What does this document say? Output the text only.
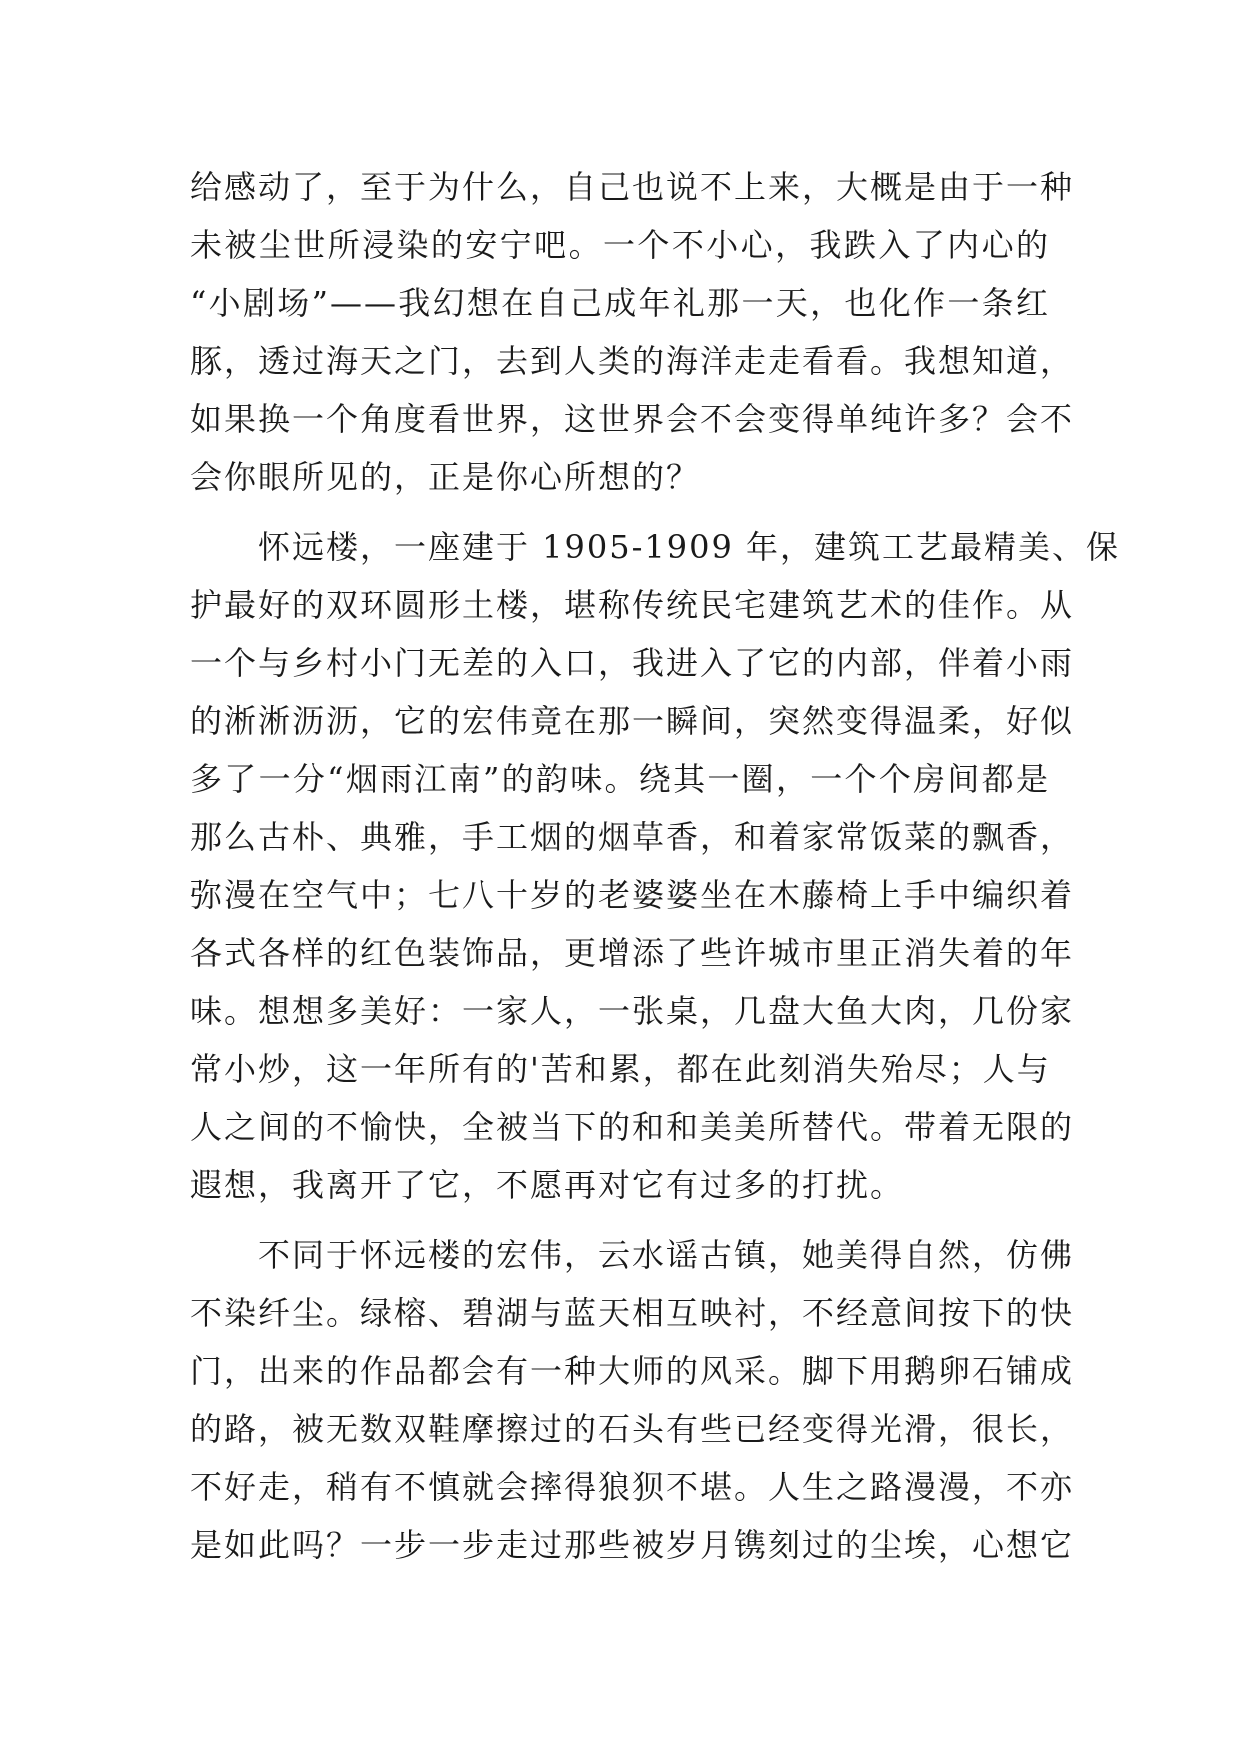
给感动了，至于为什么，自己也说不上来，大概是由于一种
未被尘世所浸染的安宁吧。一个不小心，我跌入了内心的
“小剧场”——我幻想在自己成年礼那一天，也化作一条红
豚，透过海天之门，去到人类的海洋走走看看。我想知道，
如果换一个角度看世界，这世界会不会变得单纯许多？会不
会你眼所见的，正是你心所想的？
　　怀远楼，一座建于 1905-1909 年，建筑工艺最精美、保
护最好的双环圆形土楼，堪称传统民宅建筑艺术的佳作。从
一个与乡村小门无差的入口，我进入了它的内部，伴着小雨
的淅淅沥沥，它的宏伟竟在那一瞬间，突然变得温柔，好似
多了一分“烟雨江南”的韵味。绕其一圈，一个个房间都是
那么古朴、典雅，手工烟的烟草香，和着家常饭菜的飘香，
弥漫在空气中；七八十岁的老婆婆坐在木藤椅上手中编织着
各式各样的红色装饰品，更增添了些许城市里正消失着的年
味。想想多美好：一家人，一张桌，几盘大鱼大肉，几份家
常小炒，这一年所有的'苦和累，都在此刻消失殆尽；人与
人之间的不愉快，全被当下的和和美美所替代。带着无限的
遐想，我离开了它，不愿再对它有过多的打扰。
　　不同于怀远楼的宏伟，云水谣古镇，她美得自然，仿佛
不染纤尘。绿榕、碧湖与蓝天相互映衬，不经意间按下的快
门，出来的作品都会有一种大师的风采。脚下用鹅卵石铺成
的路，被无数双鞋摩擦过的石头有些已经变得光滑，很长，
不好走，稍有不慎就会摔得狼狈不堪。人生之路漫漫，不亦
是如此吗？一步一步走过那些被岁月镌刻过的尘埃，心想它
